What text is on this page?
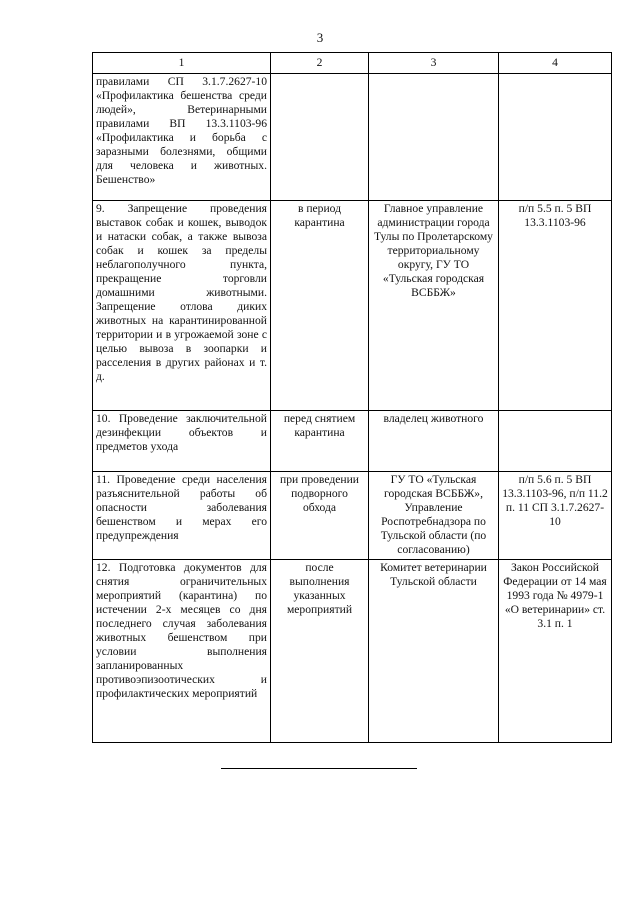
3
1	2	3	4
правилами СП 3.1.7.2627-10 «Профилактика бешенства среди людей», Ветеринарными правилами ВП 13.3.1103-96 «Профилактика и борьба с заразными болезнями, общими для человека и животных. Бешенство»			
9. Запрещение проведения выставок собак и кошек, выводок и натаски собак, а также вывоза собак и кошек за пределы неблагополучного пункта, прекращение торговли домашними животными. Запрещение отлова диких животных на карантинированной территории и в угрожаемой зоне с целью вывоза в зоопарки и расселения в других районах и т. д.	в период карантина	Главное управление администрации города Тулы по Пролетарскому территориальному округу, ГУ ТО «Тульская городская ВСББЖ»	п/п 5.5 п. 5 ВП 13.3.1103-96
10. Проведение заключительной дезинфекции объектов и предметов ухода	перед снятием карантина	владелец животного	
11. Проведение среди населения разъяснительной работы об опасности заболевания бешенством и мерах его предупреждения	при проведении подворного обхода	ГУ ТО «Тульская городская ВСББЖ», Управление Роспотребнадзора по Тульской области (по согласованию)	п/п 5.6 п. 5 ВП 13.3.1103-96, п/п 11.2 п. 11 СП 3.1.7.2627-10
12. Подготовка документов для снятия ограничительных мероприятий (карантина) по истечении 2-х месяцев со дня последнего случая заболевания животных бешенством при условии выполнения запланированных противоэпизоотических и профилактических мероприятий	после выполнения указанных мероприятий	Комитет ветеринарии Тульской области	Закон Российской Федерации от 14 мая 1993 года № 4979-1 «О ветеринарии» ст. 3.1 п. 1
